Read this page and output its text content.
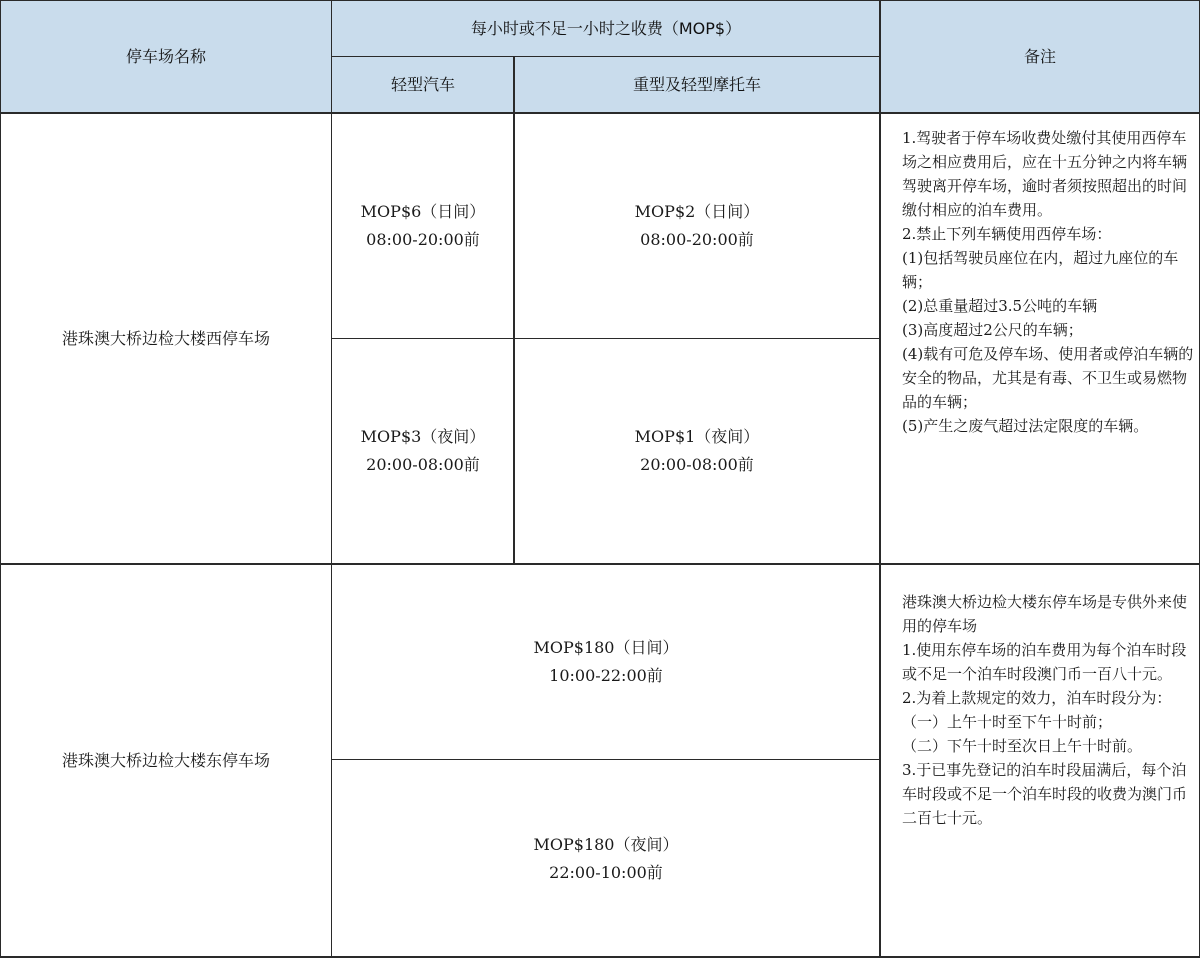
停车场名称
每小时或不足一小时之收费（MOP$）
轻型汽车	重型及轻型摩托车
备注
港珠澳大桥边检大楼西停车场
MOP$6（日间）
08:00-20:00前
MOP$2（日间）
08:00-20:00前
MOP$3（夜间）
20:00-08:00前
MOP$1（夜间）
20:00-08:00前

1.驾驶者于停车场收费处缴付其使用西停车场之相应费用后，应在十五分钟之内将车辆驾驶离开停车场，逾时者须按照超出的时间缴付相应的泊车费用。

2.禁止下列车辆使用西停车场：

(1)包括驾驶员座位在内，超过九座位的车辆；

(2)总重量超过3.5公吨的车辆

(3)高度超过2公尺的车辆；

(4)载有可危及停车场、使用者或停泊车辆的安全的物品，尤其是有毒、不卫生或易燃物品的车辆；

(5)产生之废气超过法定限度的车辆。

港珠澳大桥边检大楼东停车场
MOP$180（日间）
10:00-22:00前
MOP$180（夜间）
22:00-10:00前

港珠澳大桥边检大楼东停车场是专供外来使用的停车场

1.使用东停车场的泊车费用为每个泊车时段或不足一个泊车时段澳门币一百八十元。

2.为着上款规定的效力，泊车时段分为：

（一）上午十时至下午十时前；

（二）下午十时至次日上午十时前。

3.于已事先登记的泊车时段届满后，每个泊车时段或不足一个泊车时段的收费为澳门币二百七十元。
